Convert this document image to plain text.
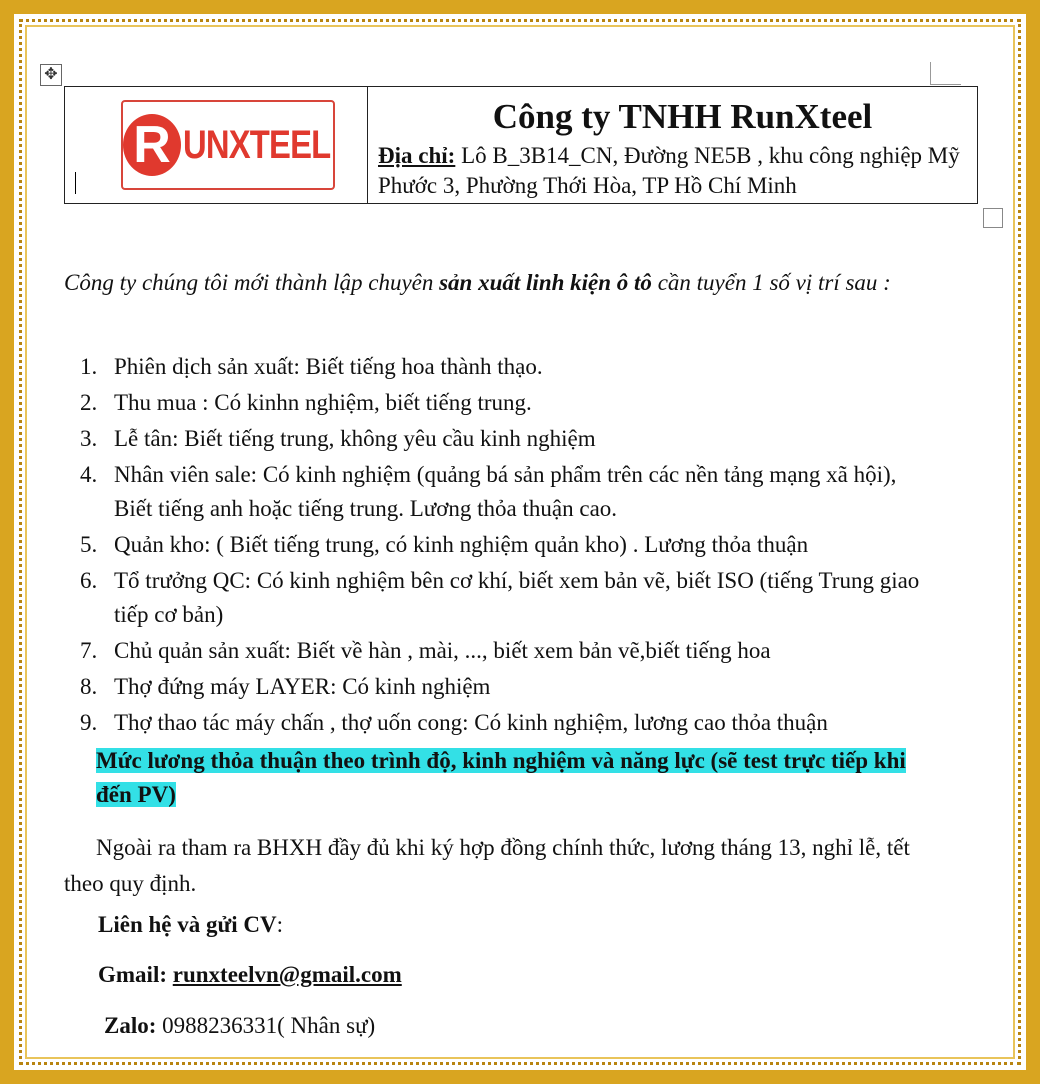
✥
R UNXTEEL
Công ty TNHH RunXteel
Địa chỉ: Lô B_3B14_CN, Đường NE5B , khu công nghiệp Mỹ Phước 3, Phường Thới Hòa, TP Hồ Chí Minh
Công ty chúng tôi mới thành lập chuyên sản xuất linh kiện ô tô cần tuyển 1 số vị trí sau :
1. Phiên dịch sản xuất: Biết tiếng hoa thành thạo.
2. Thu mua : Có kinhn nghiệm, biết tiếng trung.
3. Lễ tân: Biết tiếng trung, không yêu cầu kinh nghiệm
4. Nhân viên sale: Có kinh nghiệm (quảng bá sản phẩm trên các nền tảng mạng xã hội), Biết tiếng anh hoặc tiếng trung. Lương thỏa thuận cao.
5. Quản kho: ( Biết tiếng trung, có kinh nghiệm quản kho) . Lương thỏa thuận
6. Tổ trưởng QC: Có kinh nghiệm bên cơ khí, biết xem bản vẽ, biết ISO (tiếng Trung giao tiếp cơ bản)
7. Chủ quản sản xuất: Biết về hàn , mài, ..., biết xem bản vẽ,biết tiếng hoa
8. Thợ đứng máy LAYER: Có kinh nghiệm
9. Thợ thao tác máy chấn , thợ uốn cong: Có kinh nghiệm, lương cao thỏa thuận
Mức lương thỏa thuận theo trình độ, kinh nghiệm và năng lực (sẽ test trực tiếp khi đến PV)
Ngoài ra tham ra BHXH đầy đủ khi ký hợp đồng chính thức, lương tháng 13, nghỉ lễ, tết theo quy định.
Liên hệ và gửi CV:
Gmail: runxteelvn@gmail.com
Zalo: 0988236331( Nhân sự)
